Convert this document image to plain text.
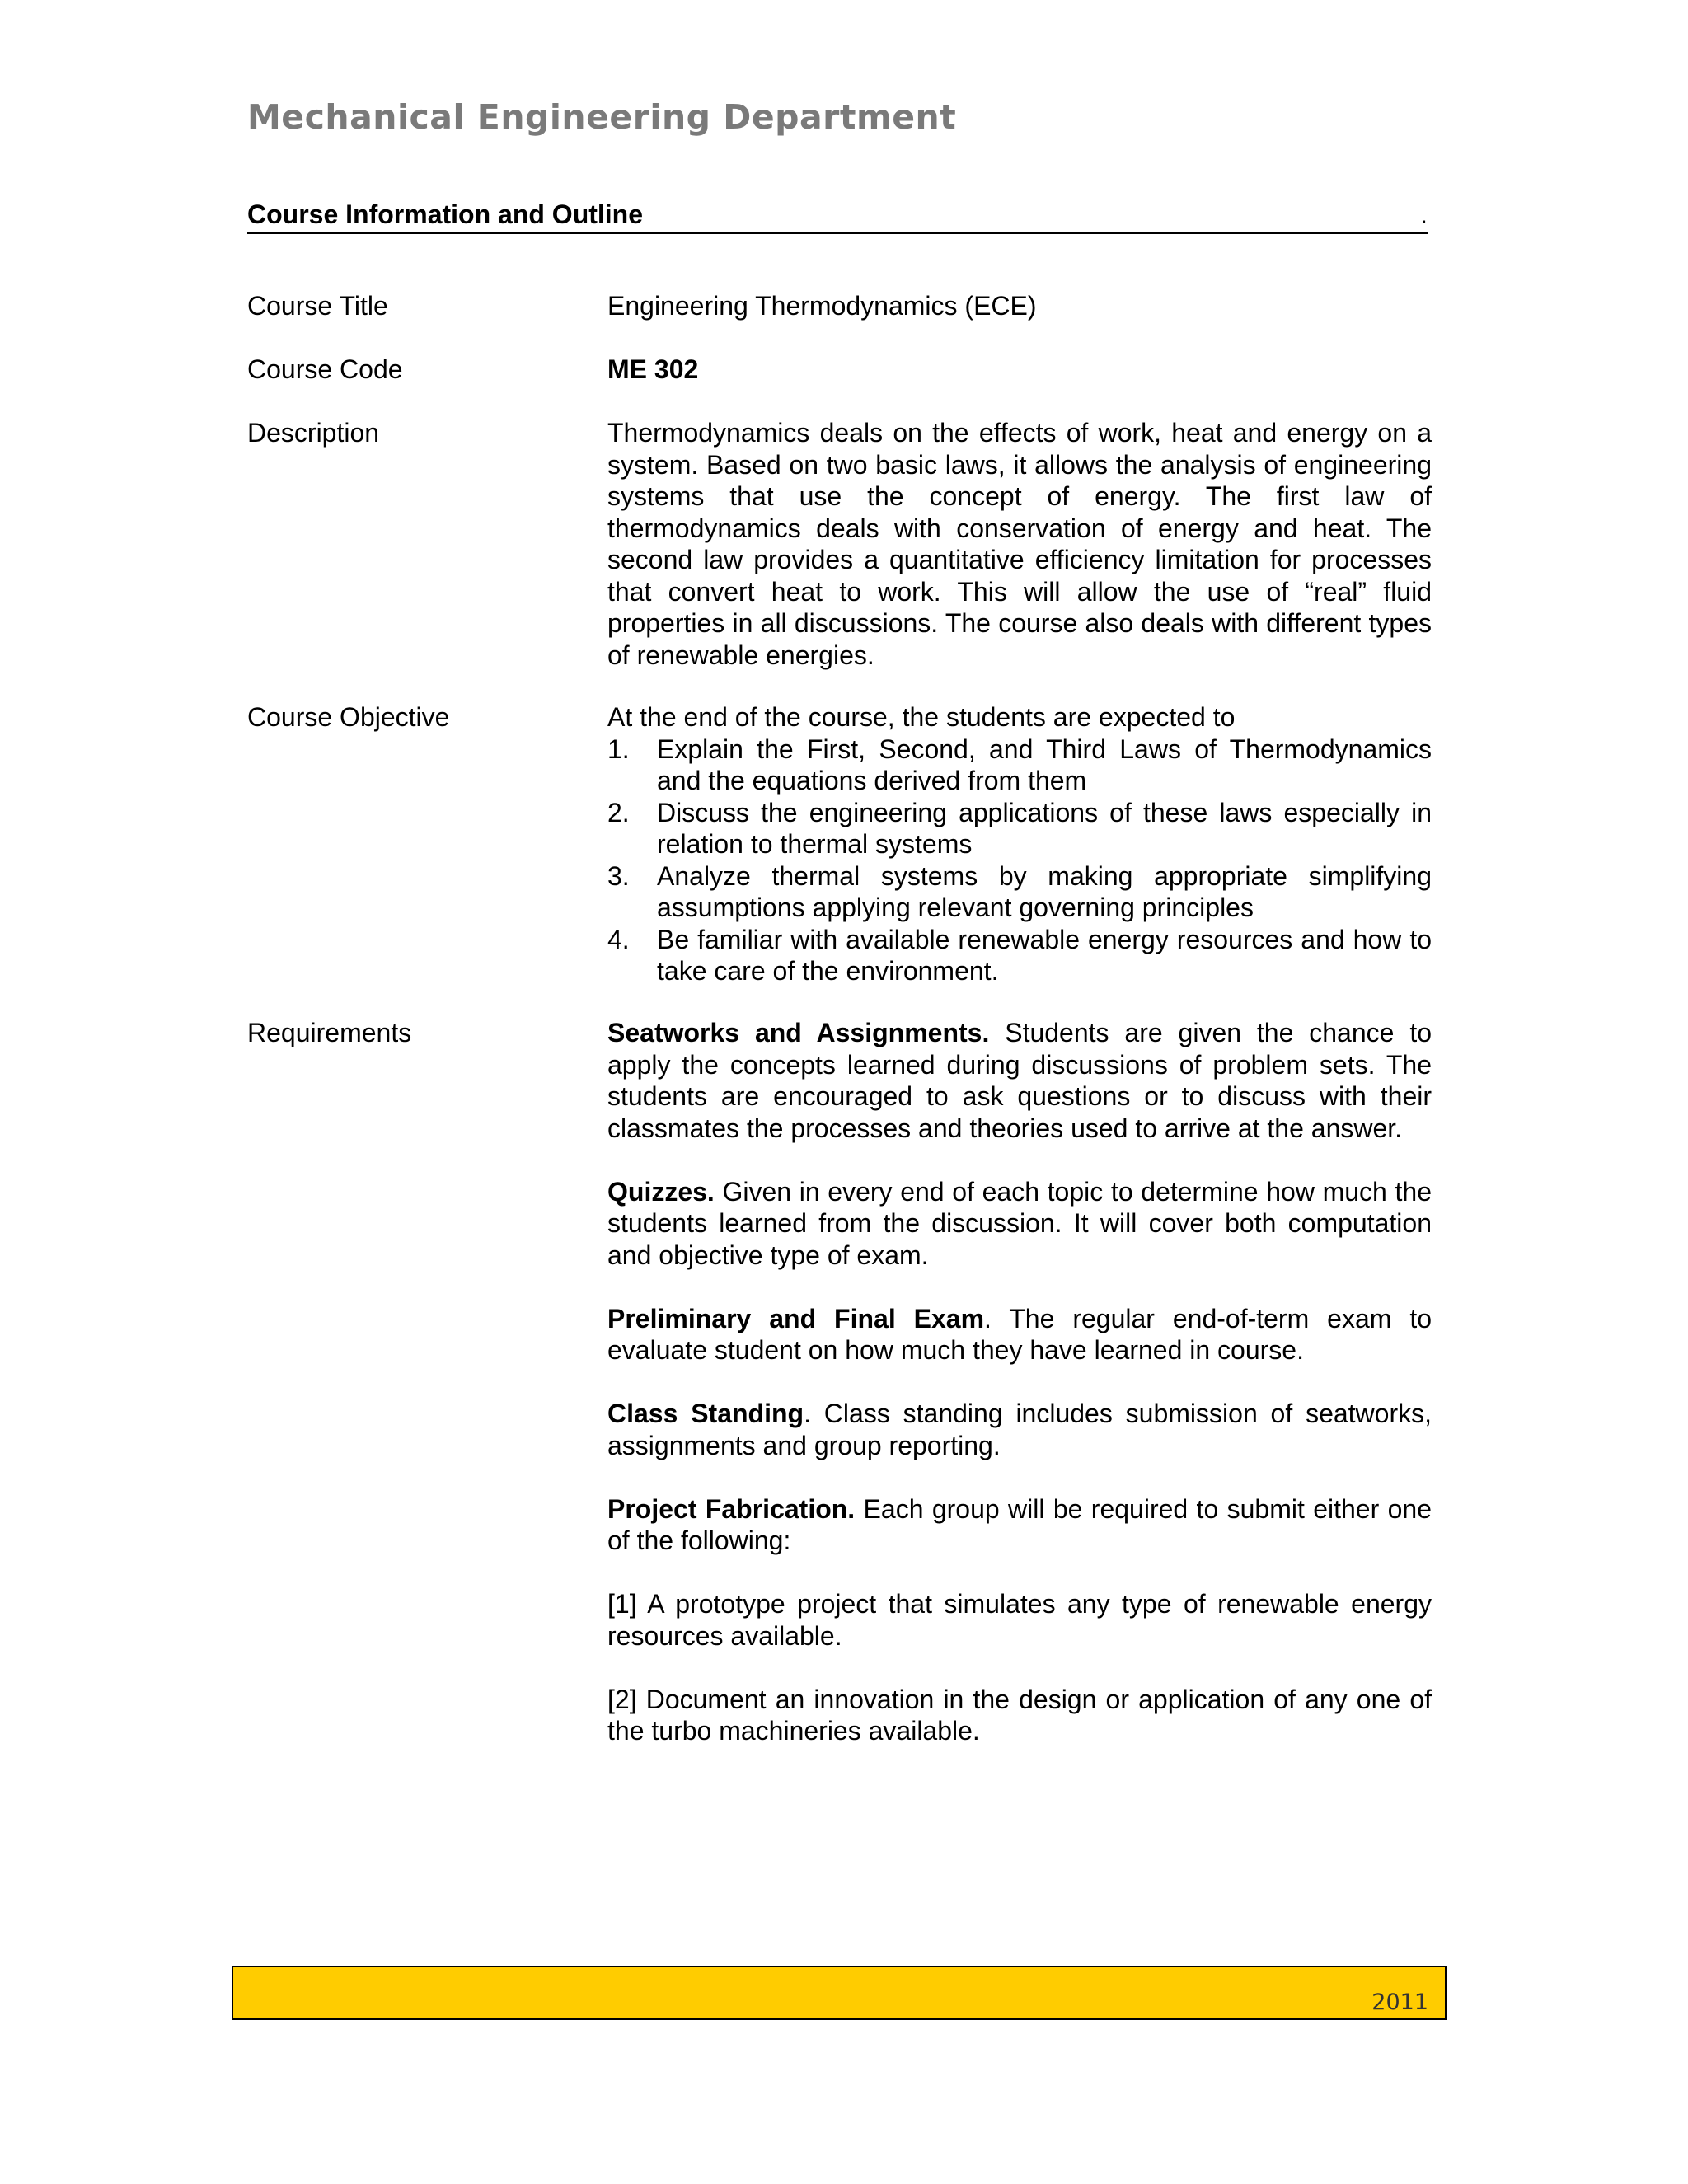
Mechanical Engineering Department
Course Information and Outline	.
Course Title	Engineering Thermodynamics (ECE)
Course Code	ME 302
Description	Thermodynamics deals on the effects of work, heat and energy on a system. Based on two basic laws, it allows the analysis of engineering systems that use the concept of energy. The first law of thermodynamics deals with conservation of energy and heat. The second law provides a quantitative efficiency limitation for processes that convert heat to work. This will allow the use of “real” fluid properties in all discussions. The course also deals with different types of renewable energies.
Course Objective	At the end of the course, the students are expected to

1. Explain the First, Second, and Third Laws of Thermodynamics and the equations derived from them
2. Discuss the engineering applications of these laws especially in relation to thermal systems
3. Analyze thermal systems by making appropriate simplifying assumptions applying relevant governing principles
4. Be familiar with available renewable energy resources and how to take care of the environment.
Requirements	Seatworks and Assignments. Students are given the chance to apply the concepts learned during discussions of problem sets. The students are encouraged to ask questions or to discuss with their classmates the processes and theories used to arrive at the answer.

Quizzes. Given in every end of each topic to determine how much the students learned from the discussion. It will cover both computation and objective type of exam.

Preliminary and Final Exam. The regular end-of-term exam to evaluate student on how much they have learned in course.

Class Standing. Class standing includes submission of seatworks, assignments and group reporting.

Project Fabrication. Each group will be required to submit either one of the following:

[1] A prototype project that simulates any type of renewable energy resources available.

[2] Document an innovation in the design or application of any one of the turbo machineries available.

2011
